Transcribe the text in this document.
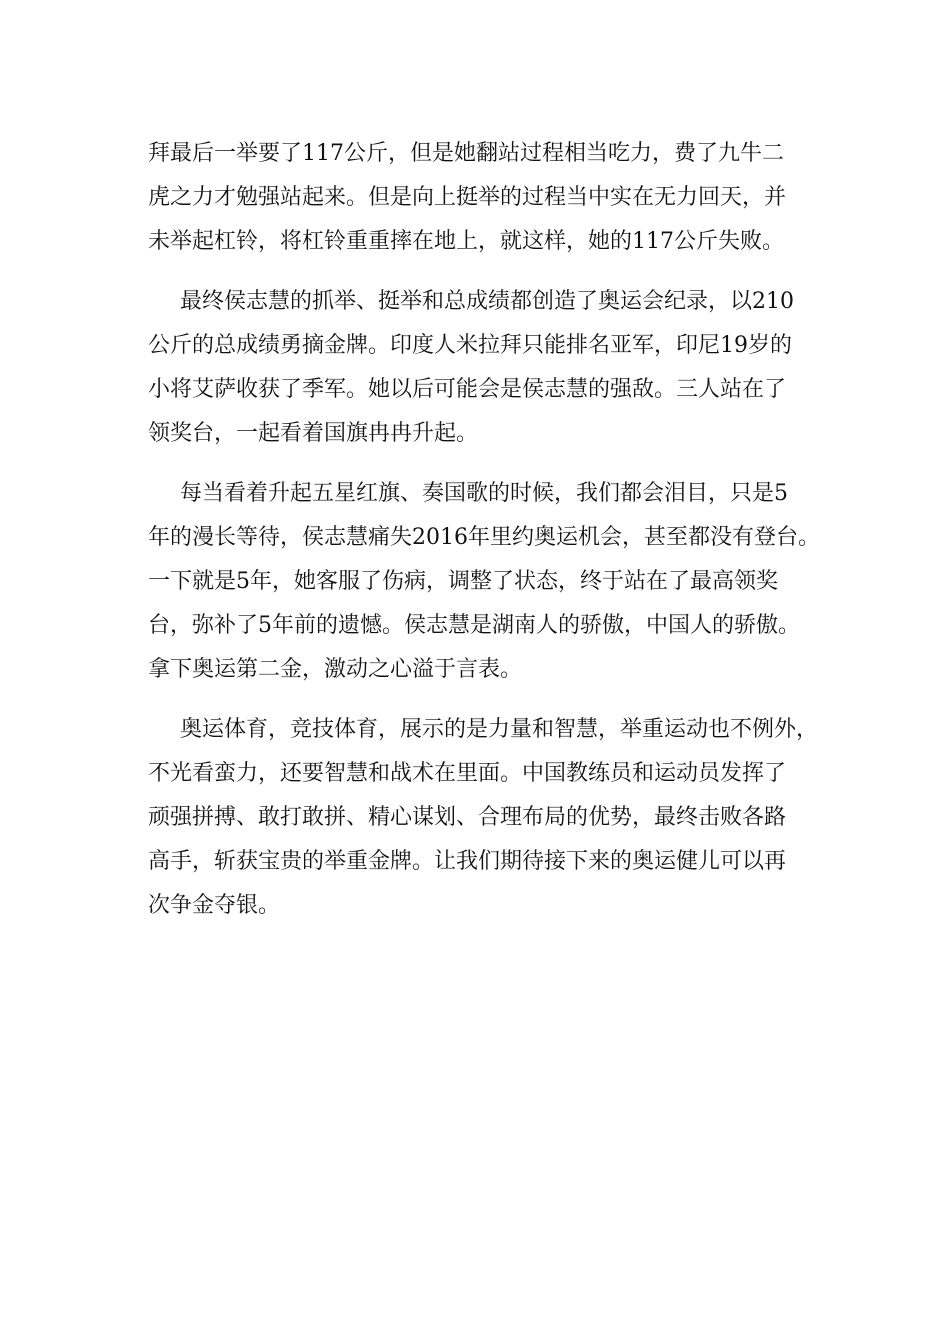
拜最后一举要了117公斤，但是她翻站过程相当吃力，费了九牛二
虎之力才勉强站起来。但是向上挺举的过程当中实在无力回天，并
未举起杠铃，将杠铃重重摔在地上，就这样，她的117公斤失败。
最终侯志慧的抓举、挺举和总成绩都创造了奥运会纪录，以210
公斤的总成绩勇摘金牌。印度人米拉拜只能排名亚军，印尼19岁的
小将艾萨收获了季军。她以后可能会是侯志慧的强敌。三人站在了
领奖台，一起看着国旗冉冉升起。
每当看着升起五星红旗、奏国歌的时候，我们都会泪目，只是5
年的漫长等待，侯志慧痛失2016年里约奥运机会，甚至都没有登台。
一下就是5年，她客服了伤病，调整了状态，终于站在了最高领奖
台，弥补了5年前的遗憾。侯志慧是湖南人的骄傲，中国人的骄傲。
拿下奥运第二金，激动之心溢于言表。
奥运体育，竞技体育，展示的是力量和智慧，举重运动也不例外，
不光看蛮力，还要智慧和战术在里面。中国教练员和运动员发挥了
顽强拼搏、敢打敢拼、精心谋划、合理布局的优势，最终击败各路
高手，斩获宝贵的举重金牌。让我们期待接下来的奥运健儿可以再
次争金夺银。
